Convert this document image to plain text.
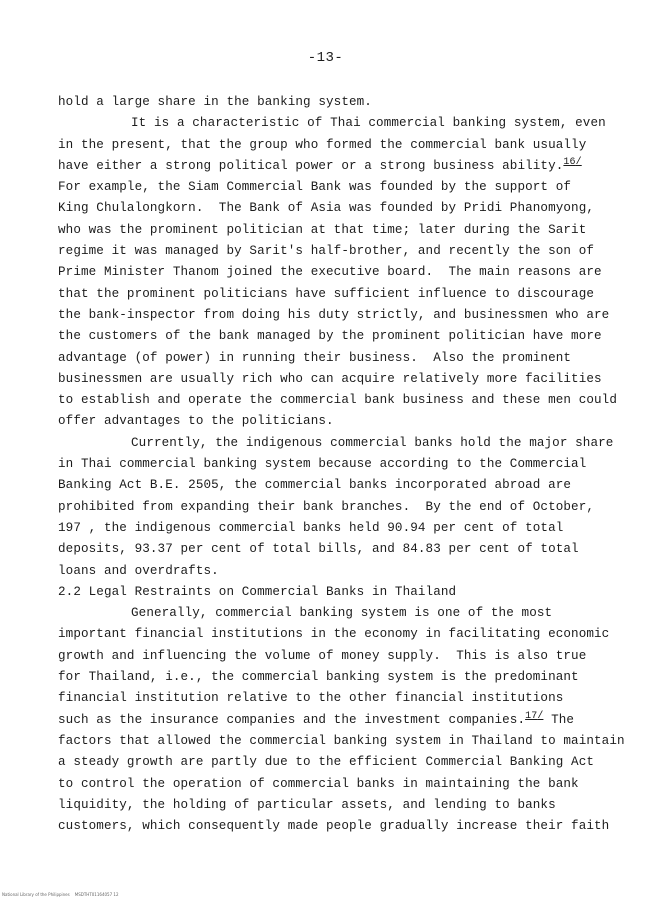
-13-
hold a large share in the banking system.
It is a characteristic of Thai commercial banking system, even
in the present, that the group who formed the commercial bank usually
have either a strong political power or a strong business ability.$^{16/}$
For example, the Siam Commercial Bank was founded by the support of
King Chulalongkorn.  The Bank of Asia was founded by Pridi Phanomyong,
who was the prominent politician at that time; later during the Sarit
regime it was managed by Sarit's half-brother, and recently the son of
Prime Minister Thanom joined the executive board.  The main reasons are
that the prominent politicians have sufficient influence to discourage
the bank-inspector from doing his duty strictly, and businessmen who are
the customers of the bank managed by the prominent politician have more
advantage (of power) in running their business.  Also the prominent
businessmen are usually rich who can acquire relatively more facilities
to establish and operate the commercial bank business and these men could
offer advantages to the politicians.
Currently, the indigenous commercial banks hold the major share
in Thai commercial banking system because according to the Commercial
Banking Act B.E. 2505, the commercial banks incorporated abroad are
prohibited from expanding their bank branches.  By the end of October,
197 , the indigenous commercial banks held 90.94 per cent of total
deposits, 93.37 per cent of total bills, and 84.83 per cent of total
loans and overdrafts.
2.2 Legal Restraints on Commercial Banks in Thailand
Generally, commercial banking system is one of the most
important financial institutions in the economy in facilitating economic
growth and influencing the volume of money supply.  This is also true
for Thailand, i.e., the commercial banking system is the predominant
financial institution relative to the other financial institutions
such as the insurance companies and the investment companies.$^{17/}$ The
factors that allowed the commercial banking system in Thailand to maintain
a steady growth are partly due to the efficient Commercial Banking Act
to control the operation of commercial banks in maintaining the bank
liquidity, the holding of particular assets, and lending to banks
customers, which consequently made people gradually increase their faith
National Library of the Philippines    MSDTHT01164057 12
